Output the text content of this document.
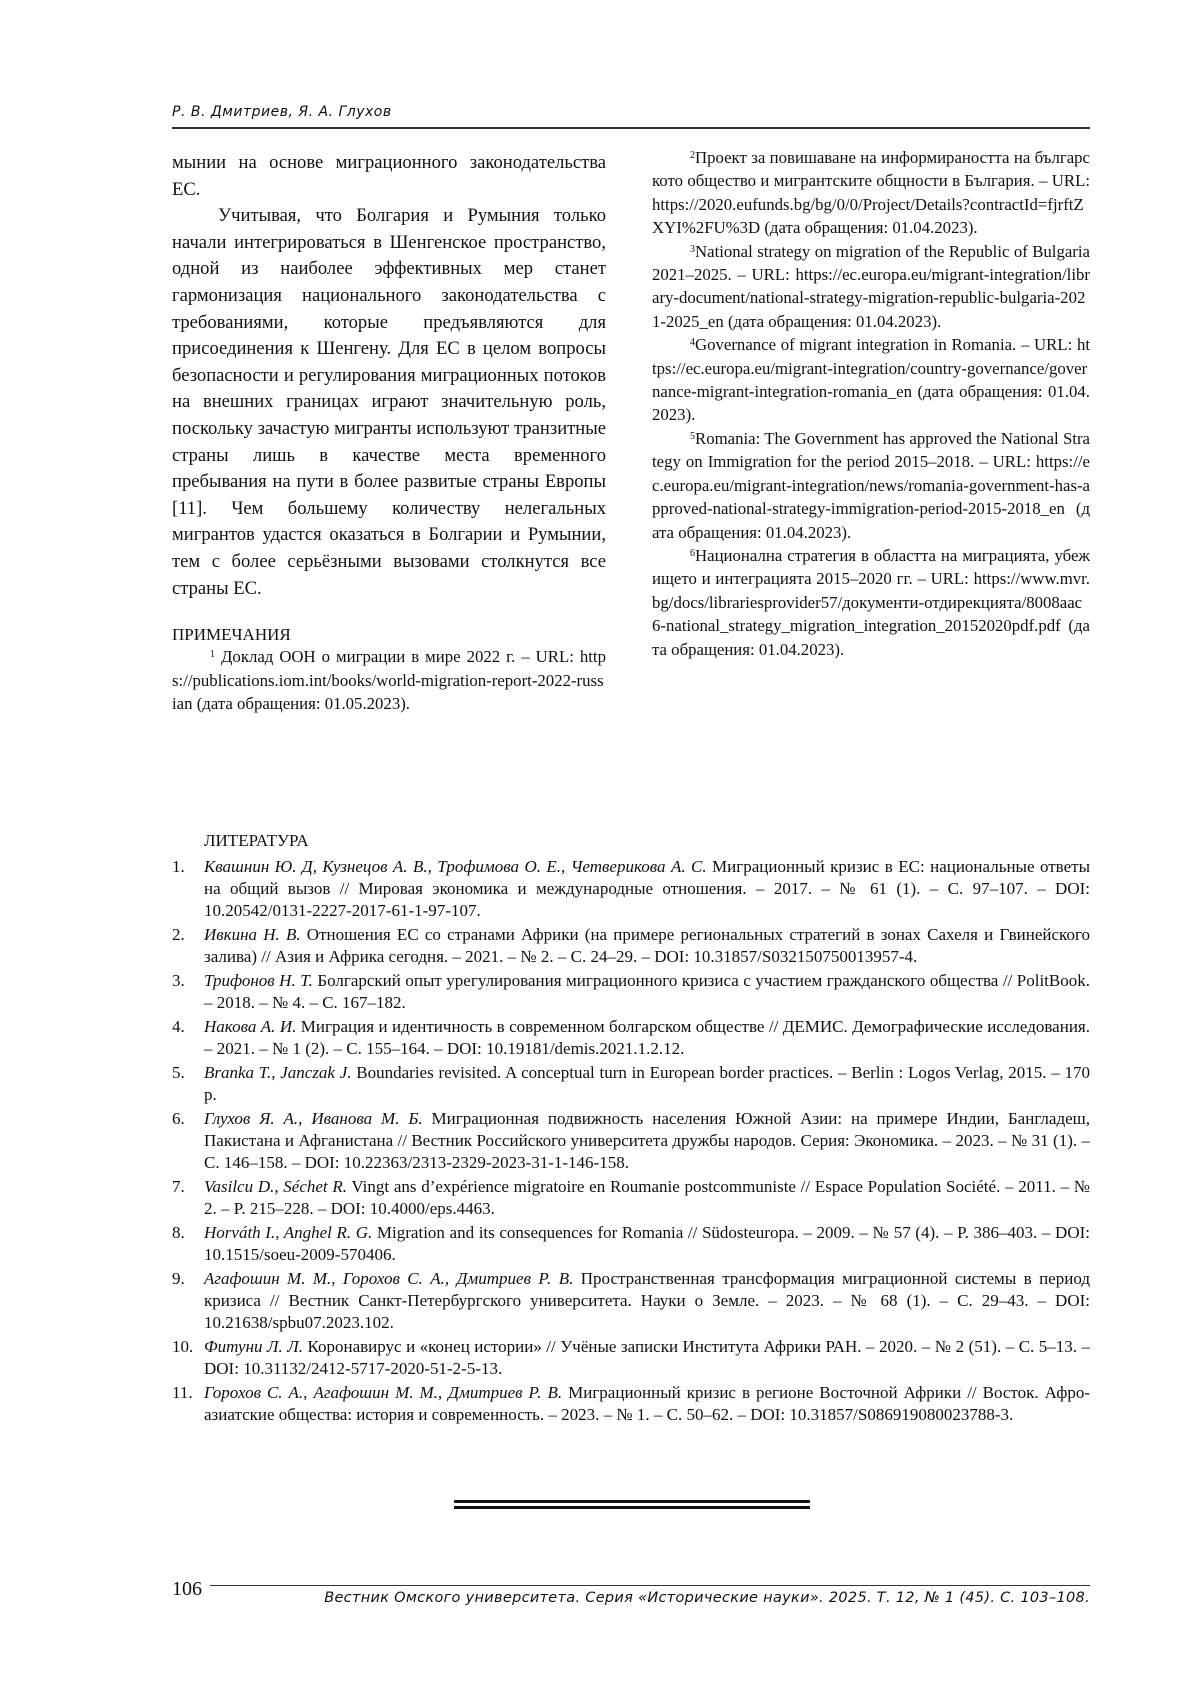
Р. В. Дмитриев, Я. А. Глухов

мынии на основе миграционного законодательства ЕС.

Учитывая, что Болгария и Румыния только начали интегрироваться в Шенгенское пространство, одной из наиболее эффективных мер станет гармонизация национального законодательства с требованиями, которые предъявляются для присоединения к Шенгену. Для ЕС в целом вопросы безопасности и регулирования миграционных потоков на внешних границах играют значительную роль, поскольку зачастую мигранты используют транзитные страны лишь в качестве места временного пребывания на пути в более развитые страны Европы [11]. Чем большему количеству нелегальных мигрантов удастся оказаться в Болгарии и Румынии, тем с более серьёзными вызовами столкнутся все страны ЕС.

ПРИМЕЧАНИЯ

$^1$ Доклад ООН о миграции в мире 2022 г. – URL: https://publications.iom.int/books/world-migration-report-2022-russian (дата обращения: 01.05.2023).

$^2$Проект за повишаване на информираността на българското общество и мигрантските общности в България. – URL: https://2020.eufunds.bg/bg/0/0/Project/Details?contractId=fjrftZXYI%2FU%3D (дата обращения: 01.04.2023).

$^3$National strategy on migration of the Republic of Bulgaria 2021–2025. – URL: https://ec.europa.eu/migrant-integration/library-document/national-strategy-migration-republic-bulgaria-2021-2025_en (дата обращения: 01.04.2023).

$^4$Governance of migrant integration in Romania. – URL: https://ec.europa.eu/migrant-integration/country-governance/governance-migrant-integration-romania_en (дата обращения: 01.04.2023).

$^5$Romania: The Government has approved the National Strategy on Immigration for the period 2015–2018. – URL: https://ec.europa.eu/migrant-integration/news/romania-government-has-approved-national-strategy-immigration-period-2015-2018_en (дата обращения: 01.04.2023).

$^6$Национална стратегия в областта на миграцията, убежището и интеграцията 2015–2020 гг. – URL: https://www.mvr.bg/docs/librariesprovider57/документи-отдирекцията/8008aac6-national_strategy_migration_integration_20152020pdf.pdf (дата обращения: 01.04.2023).

ЛИТЕРАТУРА

1. Квашнин Ю. Д, Кузнецов А. В., Трофимова О. Е., Четверикова А. С. Миграционный кризис в ЕС: национальные ответы на общий вызов // Мировая экономика и международные отношения. – 2017. – № 61 (1). – С. 97–107. – DOI: 10.20542/0131-2227-2017-61-1-97-107.
2. Ивкина Н. В. Отношения ЕС со странами Африки (на примере региональных стратегий в зонах Сахеля и Гвинейского залива) // Азия и Африка сегодня. – 2021. – № 2. – С. 24–29. – DOI: 10.31857/S032150750013957-4.
3. Трифонов Н. Т. Болгарский опыт урегулирования миграционного кризиса с участием гражданского общества // PolitBook. – 2018. – № 4. – С. 167–182.
4. Накова А. И. Миграция и идентичность в современном болгарском обществе // ДЕМИС. Демографические исследования. – 2021. – № 1 (2). – С. 155–164. – DOI: 10.19181/demis.2021.1.2.12.
5. Branka T., Janczak J. Boundaries revisited. A conceptual turn in European border practices. – Berlin : Logos Verlag, 2015. – 170 p.
6. Глухов Я. А., Иванова М. Б. Миграционная подвижность населения Южной Азии: на примере Индии, Бангладеш, Пакистана и Афганистана // Вестник Российского университета дружбы народов. Серия: Экономика. – 2023. – № 31 (1). – С. 146–158. – DOI: 10.22363/2313-2329-2023-31-1-146-158.
7. Vasilcu D., Séchet R. Vingt ans d’expérience migratoire en Roumanie postcommuniste // Espace Population Société. – 2011. – № 2. – P. 215–228. – DOI: 10.4000/eps.4463.
8. Horváth I., Anghel R. G. Migration and its consequences for Romania // Südosteuropa. – 2009. – № 57 (4). – P. 386–403. – DOI: 10.1515/soeu-2009-570406.
9. Агафошин М. М., Горохов С. А., Дмитриев Р. В. Пространственная трансформация миграционной системы в период кризиса // Вестник Санкт-Петербургского университета. Науки о Земле. – 2023. – № 68 (1). – С. 29–43. – DOI: 10.21638/spbu07.2023.102.
10. Фитуни Л. Л. Коронавирус и «конец истории» // Учёные записки Института Африки РАН. – 2020. – № 2 (51). – С. 5–13. – DOI: 10.31132/2412-5717-2020-51-2-5-13.
11. Горохов С. А., Агафошин М. М., Дмитриев Р. В. Миграционный кризис в регионе Восточной Африки // Восток. Афро-азиатские общества: история и современность. – 2023. – № 1. – С. 50–62. – DOI: 10.31857/S086919080023788-3.
106	Вестник Омского университета. Серия «Исторические науки». 2025. Т. 12, № 1 (45). С. 103–108.
